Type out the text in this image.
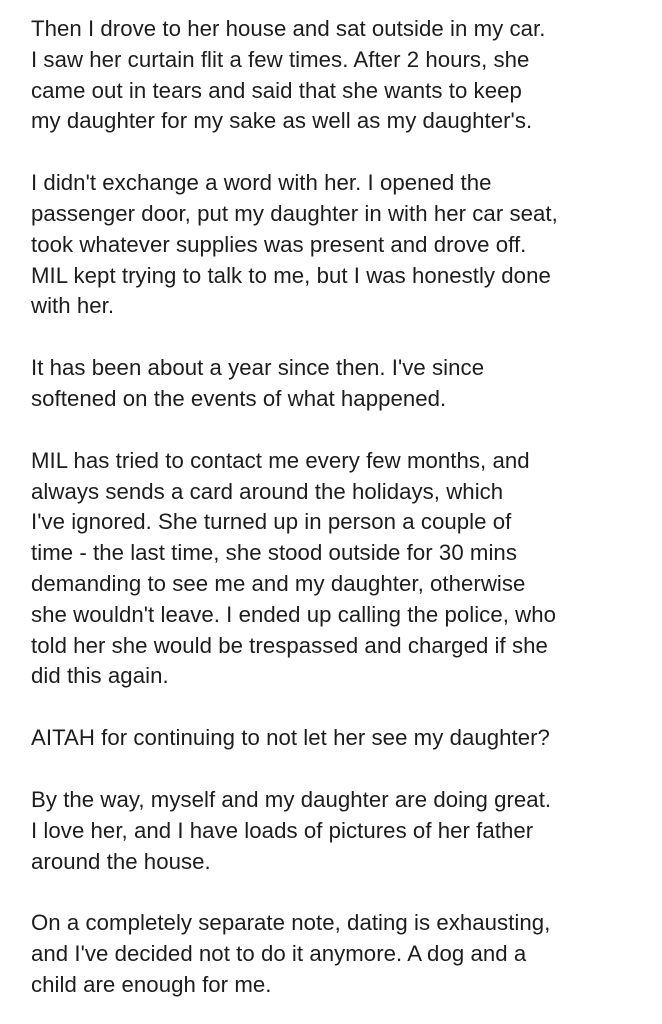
Then I drove to her house and sat outside in my car.
I saw her curtain flit a few times. After 2 hours, she
came out in tears and said that she wants to keep
my daughter for my sake as well as my daughter's.

I didn't exchange a word with her. I opened the
passenger door, put my daughter in with her car seat,
took whatever supplies was present and drove off.
MIL kept trying to talk to me, but I was honestly done
with her.

It has been about a year since then. I've since
softened on the events of what happened.

MIL has tried to contact me every few months, and
always sends a card around the holidays, which
I've ignored. She turned up in person a couple of
time - the last time, she stood outside for 30 mins
demanding to see me and my daughter, otherwise
she wouldn't leave. I ended up calling the police, who
told her she would be trespassed and charged if she
did this again.

AITAH for continuing to not let her see my daughter?

By the way, myself and my daughter are doing great.
I love her, and I have loads of pictures of her father
around the house.

On a completely separate note, dating is exhausting,
and I've decided not to do it anymore. A dog and a
child are enough for me.
